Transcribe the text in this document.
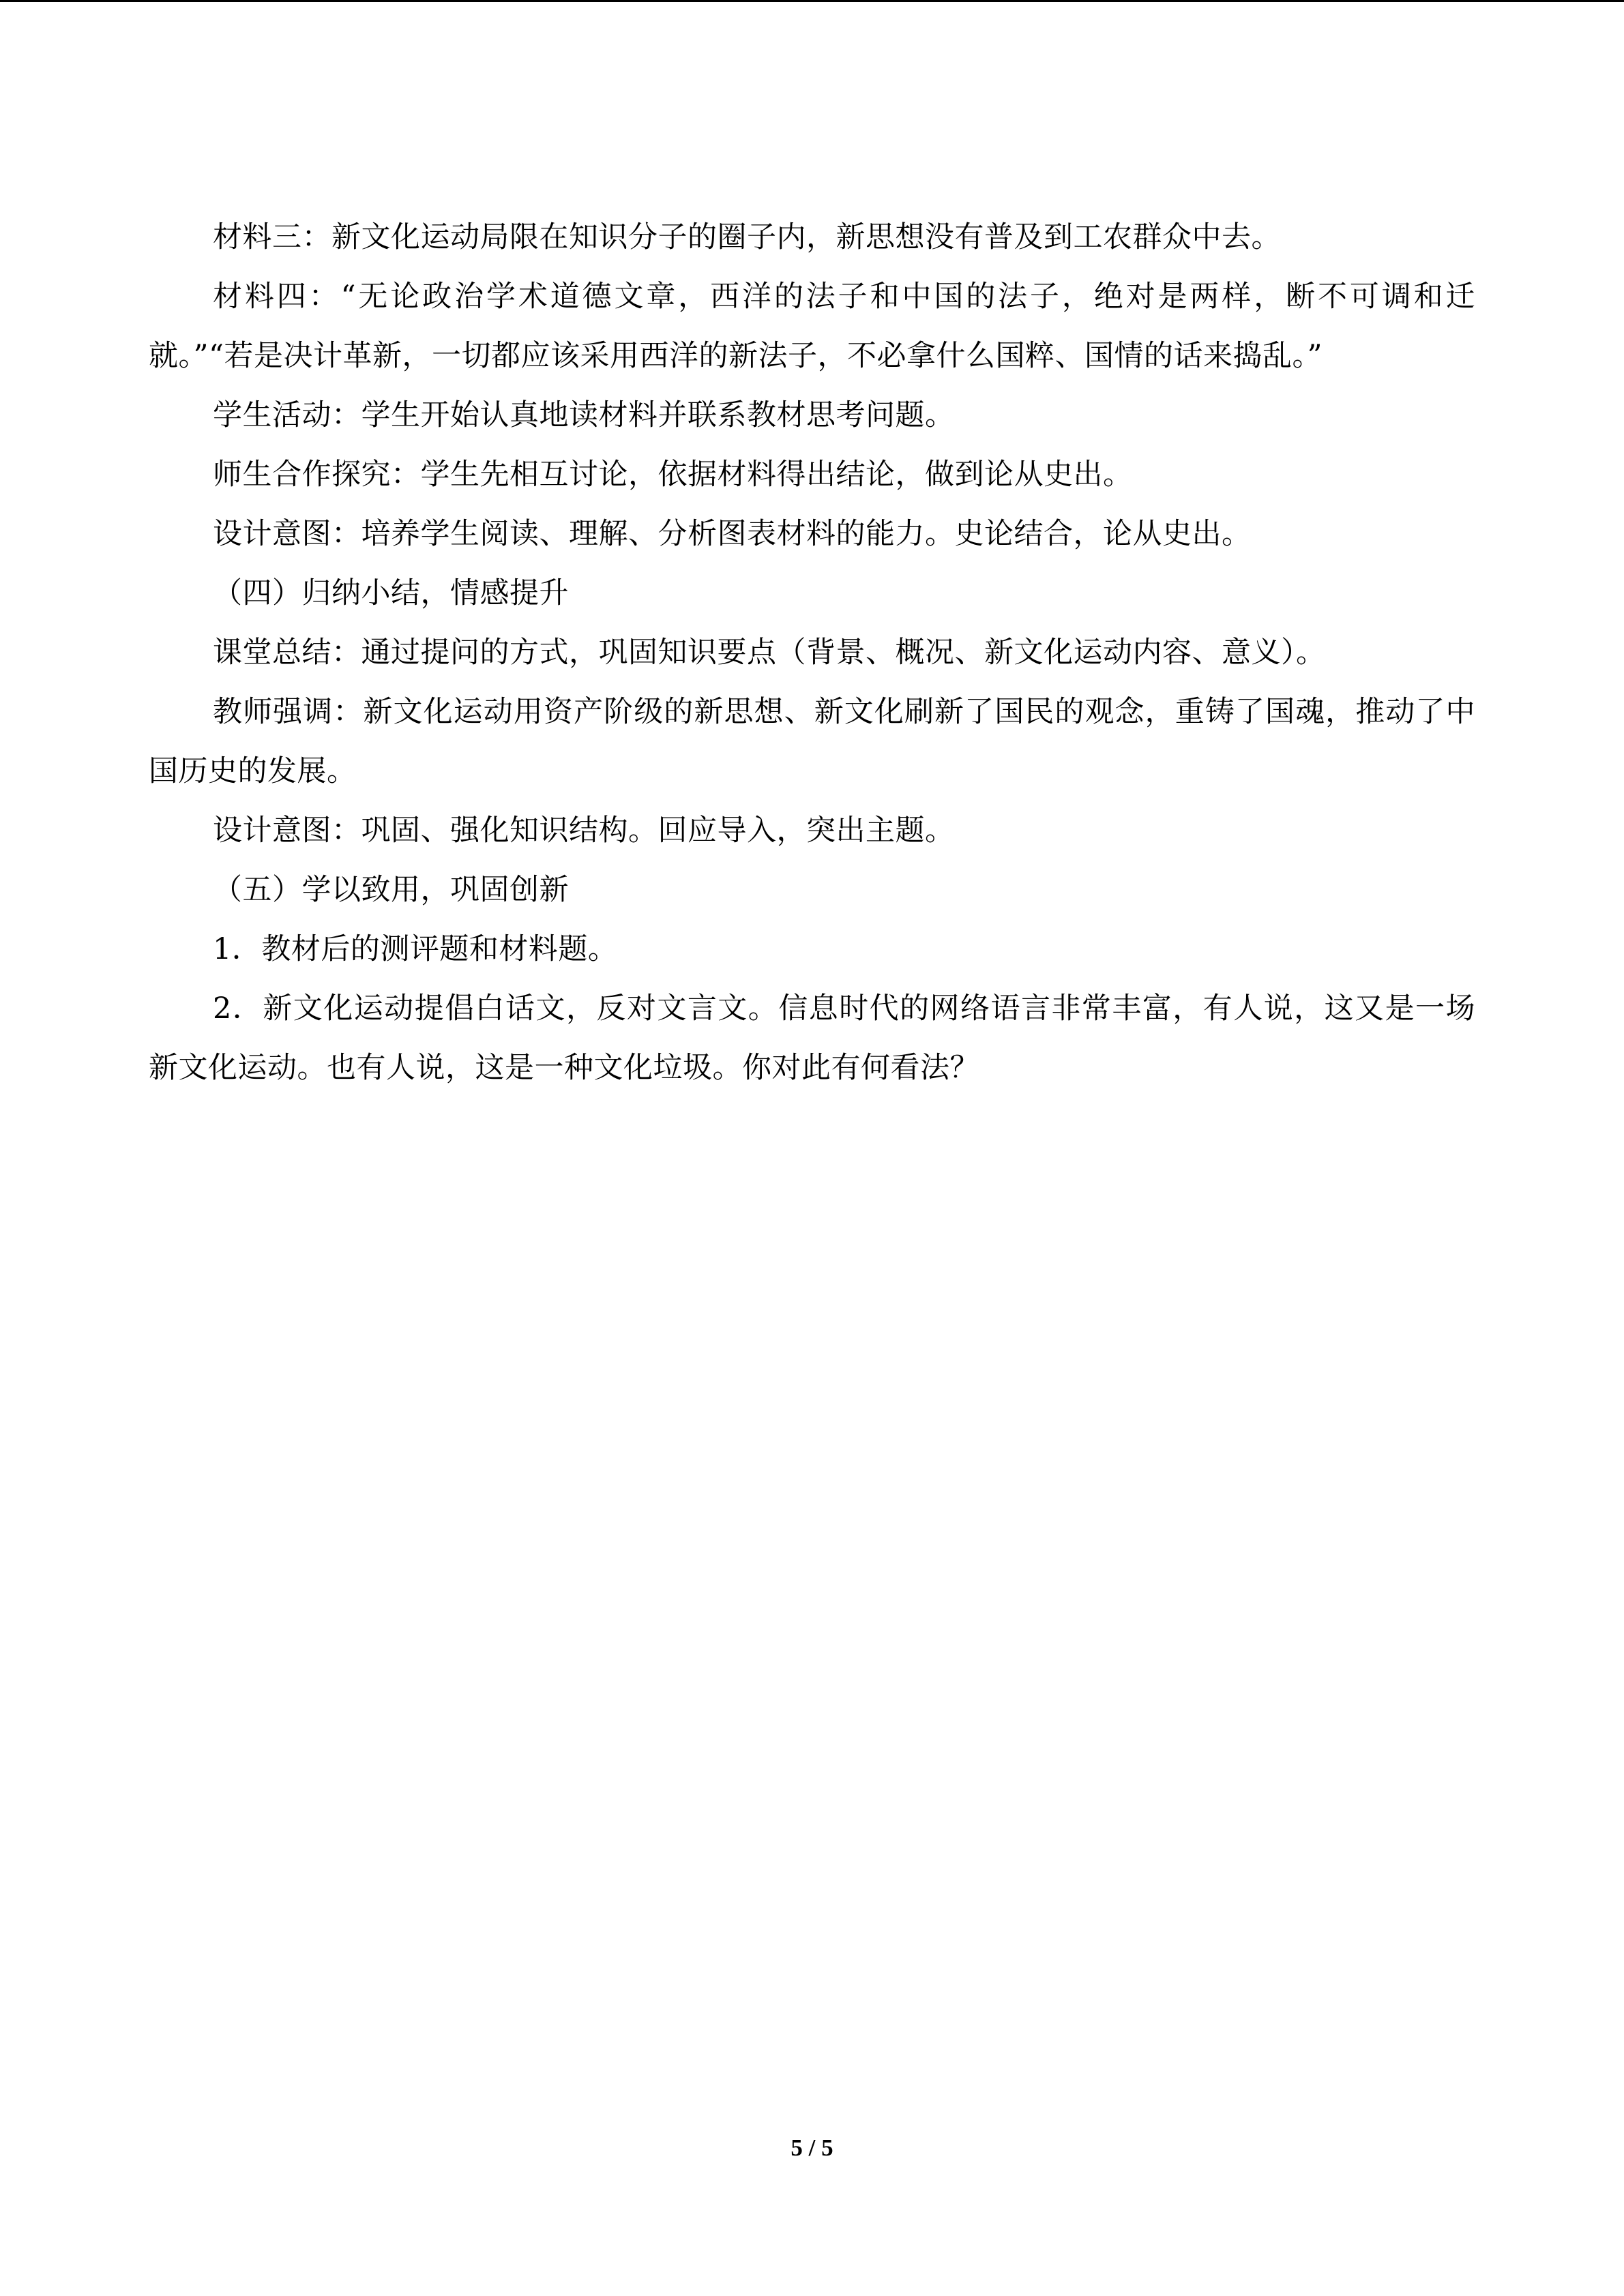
材料三：新文化运动局限在知识分子的圈子内，新思想没有普及到工农群众中去。

材料四：“无论政治学术道德文章，西洋的法子和中国的法子，绝对是两样，断不可调和迁就。”“若是决计革新，一切都应该采用西洋的新法子，不必拿什么国粹、国情的话来捣乱。”

学生活动：学生开始认真地读材料并联系教材思考问题。

师生合作探究：学生先相互讨论，依据材料得出结论，做到论从史出。

设计意图：培养学生阅读、理解、分析图表材料的能力。史论结合，论从史出。

（四）归纳小结，情感提升

课堂总结：通过提问的方式，巩固知识要点（背景、概况、新文化运动内容、意义）。

教师强调：新文化运动用资产阶级的新思想、新文化刷新了国民的观念，重铸了国魂，推动了中国历史的发展。

设计意图：巩固、强化知识结构。回应导入，突出主题。

（五）学以致用，巩固创新

1．教材后的测评题和材料题。

2．新文化运动提倡白话文，反对文言文。信息时代的网络语言非常丰富，有人说，这又是一场新文化运动。也有人说，这是一种文化垃圾。你对此有何看法？

5 / 5
